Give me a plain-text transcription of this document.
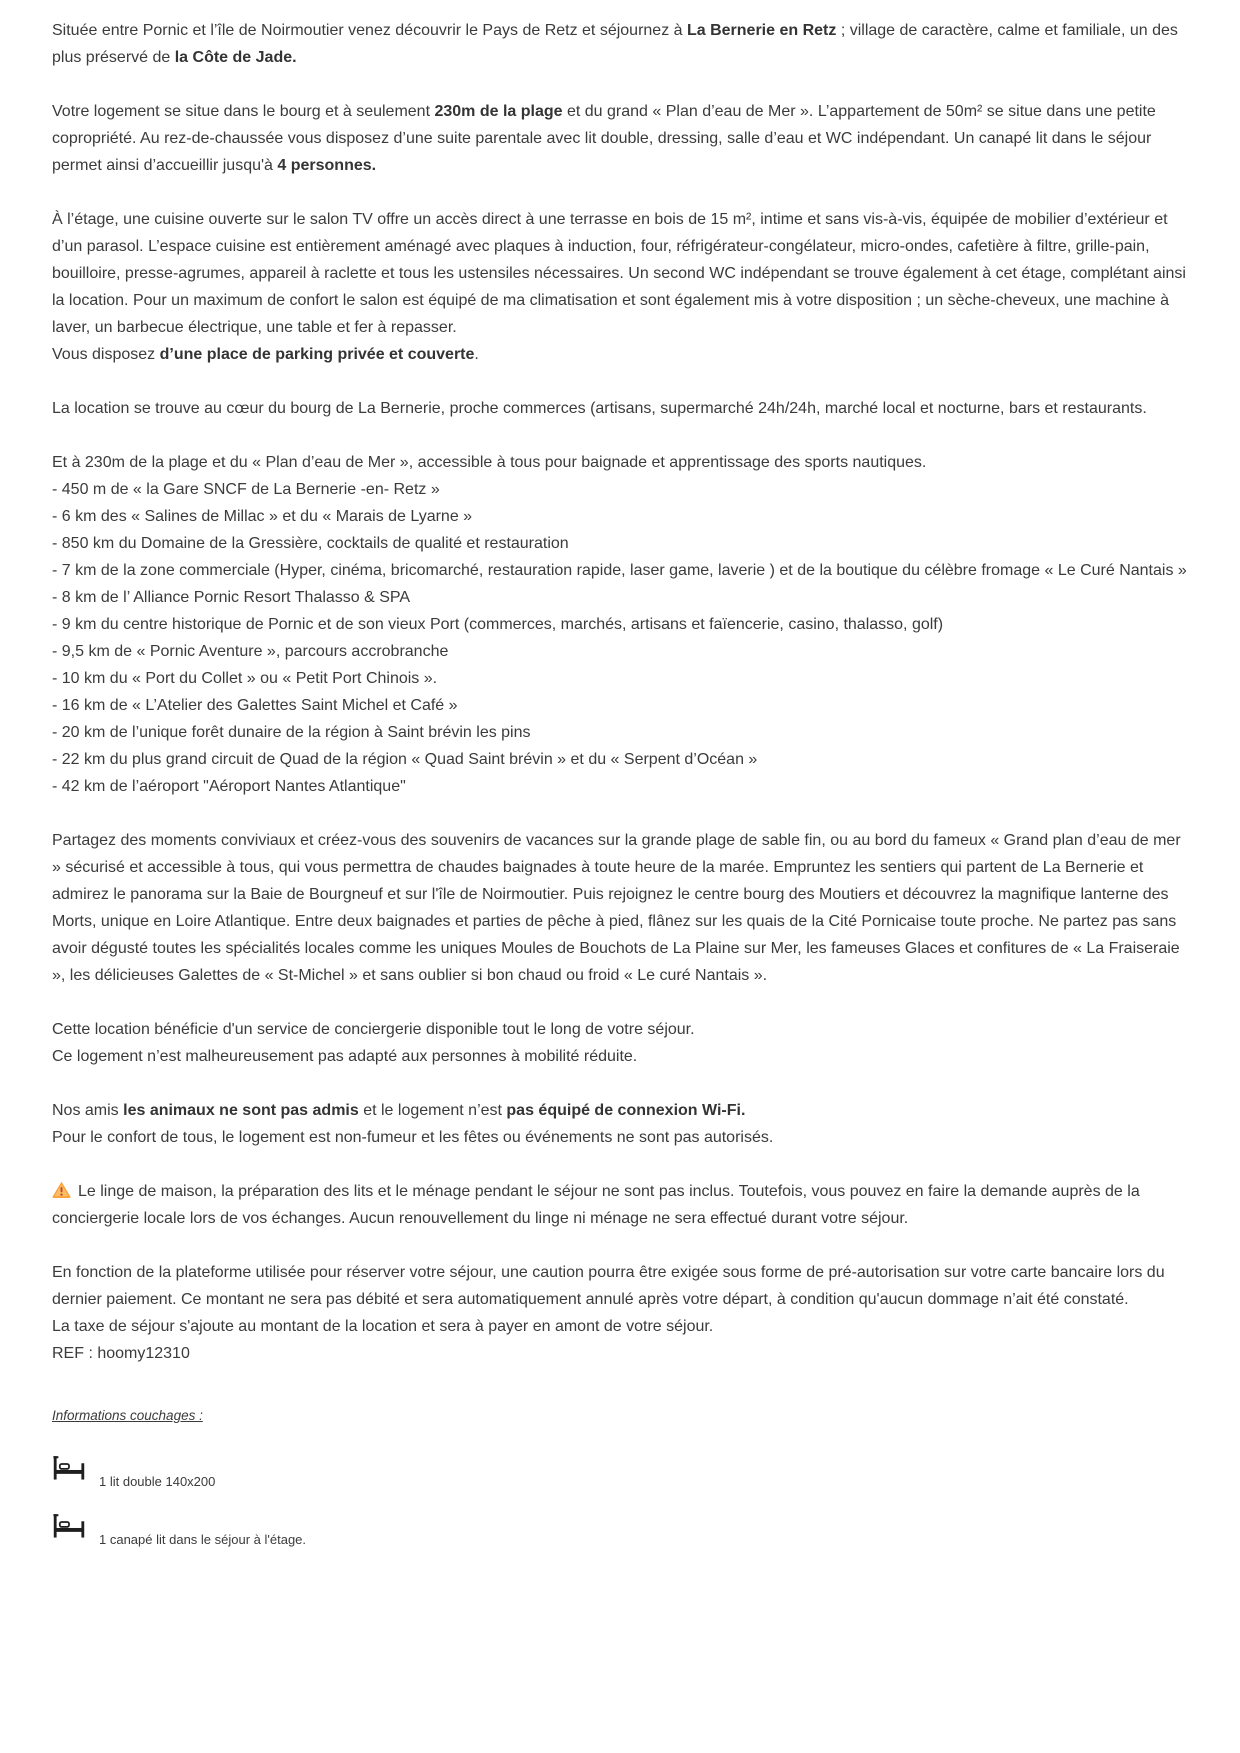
Située entre Pornic et l’île de Noirmoutier venez découvrir le Pays de Retz et séjournez à La Bernerie en Retz ; village de caractère, calme et familiale, un des plus préservé de la Côte de Jade.

Votre logement se situe dans le bourg et à seulement 230m de la plage et du grand « Plan d’eau de Mer ». L’appartement de 50m² se situe dans une petite copropriété. Au rez-de-chaussée vous disposez d’une suite parentale avec lit double, dressing, salle d’eau et WC indépendant. Un canapé lit dans le séjour permet ainsi d’accueillir jusqu'à 4 personnes.

À l’étage, une cuisine ouverte sur le salon TV offre un accès direct à une terrasse en bois de 15 m², intime et sans vis-à-vis, équipée de mobilier d’extérieur et d’un parasol. L’espace cuisine est entièrement aménagé avec plaques à induction, four, réfrigérateur-congélateur, micro-ondes, cafetière à filtre, grille-pain, bouilloire, presse-agrumes, appareil à raclette et tous les ustensiles nécessaires. Un second WC indépendant se trouve également à cet étage, complétant ainsi la location. Pour un maximum de confort le salon est équipé de ma climatisation et sont également mis à votre disposition ; un sèche-cheveux, une machine à laver, un barbecue électrique, une table et fer à repasser.
Vous disposez d’une place de parking privée et couverte.

La location se trouve au cœur du bourg de La Bernerie, proche commerces (artisans, supermarché 24h/24h, marché local et nocturne, bars et restaurants.

Et à 230m de la plage et du « Plan d’eau de Mer », accessible à tous pour baignade et apprentissage des sports nautiques.
- 450 m de « la Gare SNCF de La Bernerie -en- Retz »
- 6 km des « Salines de Millac » et du « Marais de Lyarne »
- 850 km du Domaine de la Gressière, cocktails de qualité et restauration
- 7 km de la zone commerciale (Hyper, cinéma, bricomarché, restauration rapide, laser game, laverie ) et de la boutique du célèbre fromage « Le Curé Nantais »
- 8 km de l’ Alliance Pornic Resort Thalasso & SPA
- 9 km du centre historique de Pornic et de son vieux Port (commerces, marchés, artisans et faïencerie, casino, thalasso, golf)
- 9,5 km de « Pornic Aventure », parcours accrobranche
- 10 km du « Port du Collet » ou « Petit Port Chinois ».
- 16 km de « L’Atelier des Galettes Saint Michel et Café »
- 20 km de l’unique forêt dunaire de la région à Saint brévin les pins
- 22 km du plus grand circuit de Quad de la région « Quad Saint brévin » et du « Serpent d’Océan »
- 42 km de l’aéroport "Aéroport Nantes Atlantique"

Partagez des moments conviviaux et créez-vous des souvenirs de vacances sur la grande plage de sable fin, ou au bord du fameux « Grand plan d’eau de mer » sécurisé et accessible à tous, qui vous permettra de chaudes baignades à toute heure de la marée. Empruntez les sentiers qui partent de La Bernerie et admirez le panorama sur la Baie de Bourgneuf et sur l'île de Noirmoutier. Puis rejoignez le centre bourg des Moutiers et découvrez la magnifique lanterne des Morts, unique en Loire Atlantique. Entre deux baignades et parties de pêche à pied, flânez sur les quais de la Cité Pornicaise toute proche. Ne partez pas sans avoir dégusté toutes les spécialités locales comme les uniques Moules de Bouchots de La Plaine sur Mer, les fameuses Glaces et confitures de « La Fraiseraie », les délicieuses Galettes de « St-Michel » et sans oublier si bon chaud ou froid « Le curé Nantais ».

Cette location bénéficie d'un service de conciergerie disponible tout le long de votre séjour.
Ce logement n’est malheureusement pas adapté aux personnes à mobilité réduite.

Nos amis les animaux ne sont pas admis et le logement n’est pas équipé de connexion Wi-Fi.
Pour le confort de tous, le logement est non-fumeur et les fêtes ou événements ne sont pas autorisés.

Le linge de maison, la préparation des lits et le ménage pendant le séjour ne sont pas inclus. Toutefois, vous pouvez en faire la demande auprès de la conciergerie locale lors de vos échanges. Aucun renouvellement du linge ni ménage ne sera effectué durant votre séjour.

En fonction de la plateforme utilisée pour réserver votre séjour, une caution pourra être exigée sous forme de pré-autorisation sur votre carte bancaire lors du dernier paiement. Ce montant ne sera pas débité et sera automatiquement annulé après votre départ, à condition qu'aucun dommage n’ait été constaté.
La taxe de séjour s'ajoute au montant de la location et sera à payer en amont de votre séjour.
REF : hoomy12310

Informations couchages :
1 lit double 140x200
1 canapé lit dans le séjour à l'étage.
